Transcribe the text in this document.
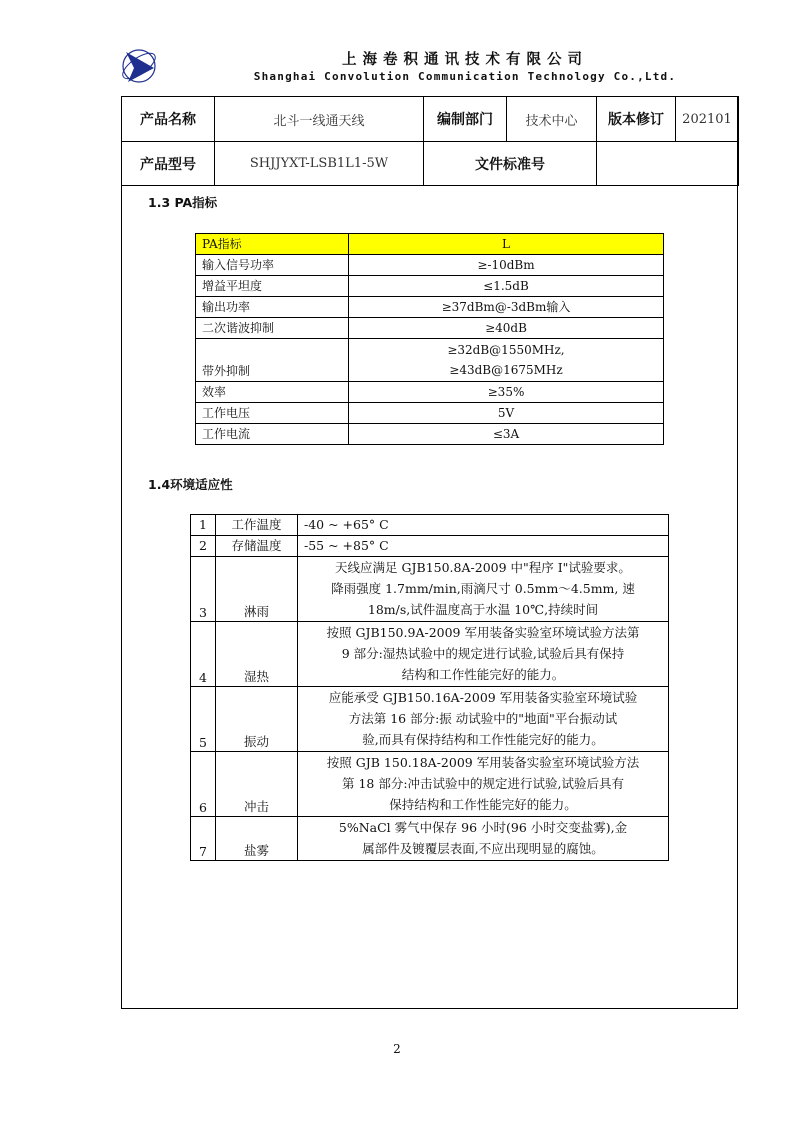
上海卷积通讯技术有限公司
Shanghai Convolution Communication Technology Co.,Ltd.
产品名称	北斗一线通天线	编制部门	技术中心	版本修订	202101
产品型号	SHJJYXT-LSB1L1-5W	文件标准号			
1.3 PA指标
PA指标	L
输入信号功率	≥-10dBm
增益平坦度	≤1.5dB
输出功率	≥37dBm@-3dBm输入
二次谐波抑制	≥40dB
带外抑制	≥32dB@1550MHz,
≥43dB@1675MHz

效率	≥35%
工作电压	5V
工作电流	≤3A
1.4环境适应性
1	工作温度	-40 ~ +65° C
2	存储温度	-55 ~ +85° C
3	淋雨	天线应满足 GJB150.8A-2009 中"程序 I"试验要求。
降雨强度 1.7mm/min,雨滴尺寸 0.5mm～4.5mm, 速
18m/s,试件温度高于水温 10℃,持续时间

4	湿热	按照 GJB150.9A-2009 军用装备实验室环境试验方法第
9 部分:湿热试验中的规定进行试验,试验后具有保持
结构和工作性能完好的能力。

5	振动	应能承受 GJB150.16A-2009 军用装备实验室环境试验
方法第 16 部分:振 动试验中的"地面"平台振动试
验,而具有保持结构和工作性能完好的能力。

6	冲击	按照 GJB 150.18A-2009 军用装备实验室环境试验方法
第 18 部分:冲击试验中的规定进行试验,试验后具有
保持结构和工作性能完好的能力。

7	盐雾	5%NaCl 雾气中保存 96 小时(96 小时交变盐雾),金
属部件及镀覆层表面,不应出现明显的腐蚀。
2
